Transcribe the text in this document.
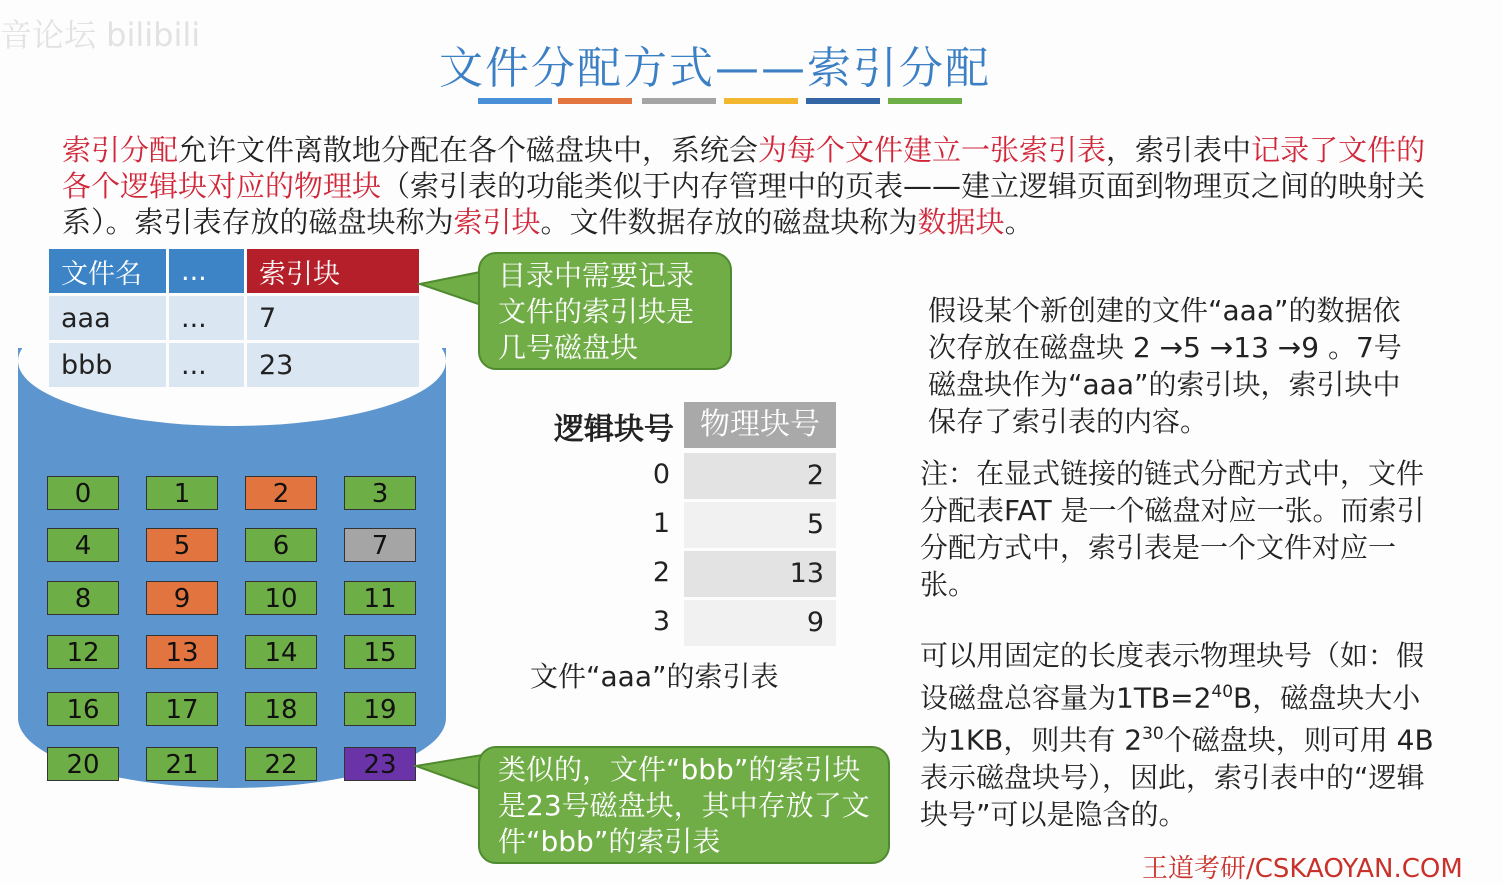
音论坛 bilibili
文件分配方式——索引分配
索引分配允许文件离散地分配在各个磁盘块中，系统会为每个文件建立一张索引表，索引表中记录了文件的各个逻辑块对应的物理块（索引表的功能类似于内存管理中的页表——建立逻辑页面到物理页之间的映射关系）。索引表存放的磁盘块称为索引块。文件数据存放的磁盘块称为数据块。
文件名	...	索引块
aaa	...	7
bbb	...	23
0	1	2	3
4	5	6	7
8	9	10	11
12	13	14	15
16	17	18	19
20	21	22	23
目录中需要记录文件的索引块是几号磁盘块
类似的，文件“bbb”的索引块是23号磁盘块，其中存放了文件“bbb”的索引表
逻辑块号 物理块号
0	2
1	5
2	13
3	9
文件“aaa”的索引表
假设某个新创建的文件“aaa”的数据依次存放在磁盘块 2 →5 →13 →9 。7号磁盘块作为“aaa”的索引块，索引块中保存了索引表的内容。
注：在显式链接的链式分配方式中，文件分配表FAT 是一个磁盘对应一张。而索引分配方式中，索引表是一个文件对应一张。
可以用固定的长度表示物理块号（如：假设磁盘总容量为$1TB=2^{40}B$，磁盘块大小为1KB，则共有 $2^{30}$个磁盘块，则可用 4B 表示磁盘块号），因此，索引表中的“逻辑块号”可以是隐含的。
王道考研/CSKAOYAN.COM
